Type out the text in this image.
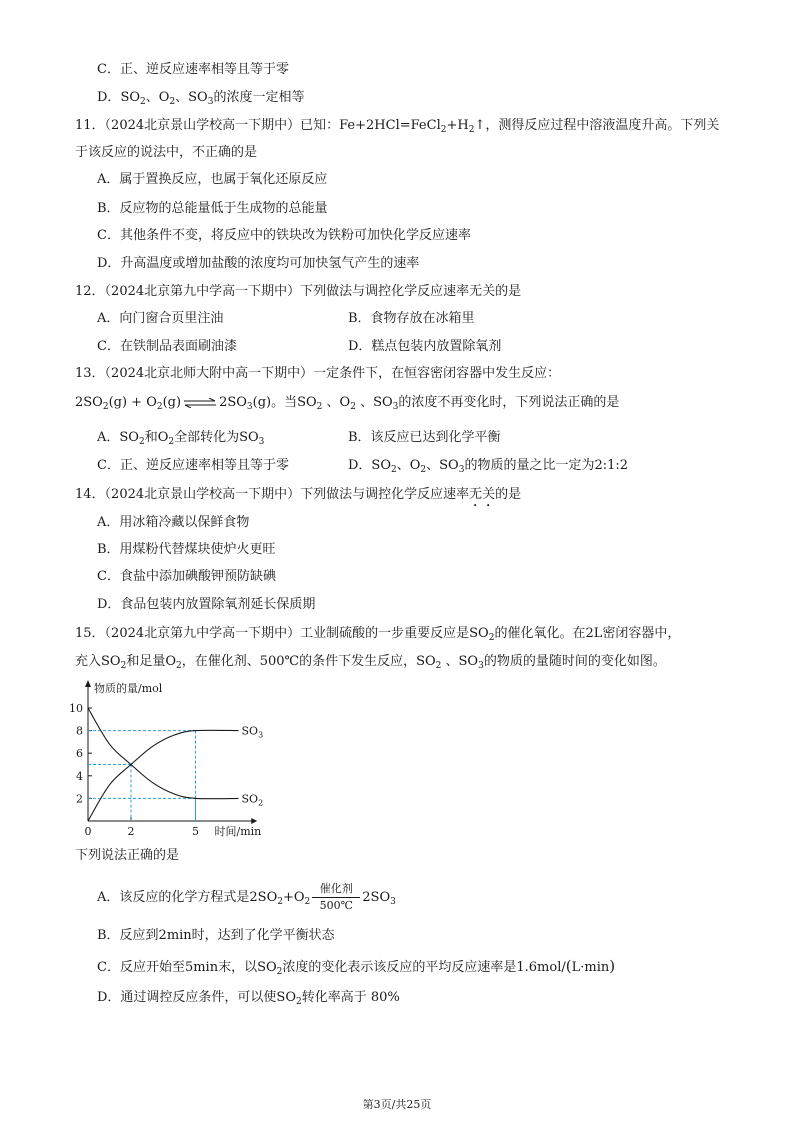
C．正、逆反应速率相等且等于零
D．$SO_2$、$O_2$、$SO_3$的浓度一定相等
11．（2024北京景山学校高一下期中）已知：$Fe+2HCl=FeCl_2+H_2↑$，测得反应过程中溶液温度升高。下列关
于该反应的说法中，不正确的是
A．属于置换反应，也属于氧化还原反应
B．反应物的总能量低于生成物的总能量
C．其他条件不变，将反应中的铁块改为铁粉可加快化学反应速率
D．升高温度或增加盐酸的浓度均可加快氢气产生的速率
12．（2024北京第九中学高一下期中）下列做法与调控化学反应速率无关的是
A．向门窗合页里注油	B．食物存放在冰箱里
C．在铁制品表面刷油漆	D．糕点包装内放置除氧剂
13．（2024北京北师大附中高一下期中）一定条件下，在恒容密闭容器中发生反应：
$2SO_2(g) + O_2(g)$ ⇌ $2SO_3(g)$。当$SO_2$ 、$O_2$ 、$SO_3$的浓度不再变化时，下列说法正确的是
A．$SO_2$和$O_2$全部转化为$SO_3$	B．该反应已达到化学平衡
C．正、逆反应速率相等且等于零	D．$SO_2$、$O_2$、$SO_3$的物质的量之比一定为2:1:2
14．（2024北京景山学校高一下期中）下列做法与调控化学反应速率无关的是
A．用冰箱冷藏以保鲜食物
B．用煤粉代替煤块使炉火更旺
C．食盐中添加碘酸钾预防缺碘
D．食品包装内放置除氧剂延长保质期
15．（2024北京第九中学高一下期中）工业制硫酸的一步重要反应是$SO_2$的催化氧化。在2L密闭容器中，
充入$SO_2$和足量$O_2$，在催化剂、500℃的条件下发生反应，$SO_2$ 、$SO_3$的物质的量随时间的变化如图。
10
8
6
4
2
0	2	5
物质的量/mol
时间/min
$SO_3$
$SO_2$
下列说法正确的是
A．该反应的化学方程式是$2SO_2+O_2$催化剂
$500℃2SO_3$
B．反应到2min时，达到了化学平衡状态
C．反应开始至5min末，以$SO_2$浓度的变化表示该反应的平均反应速率是1.6mol/(L·min)
D．通过调控反应条件，可以使$SO_2$转化率高于 80%
第3页/共25页
